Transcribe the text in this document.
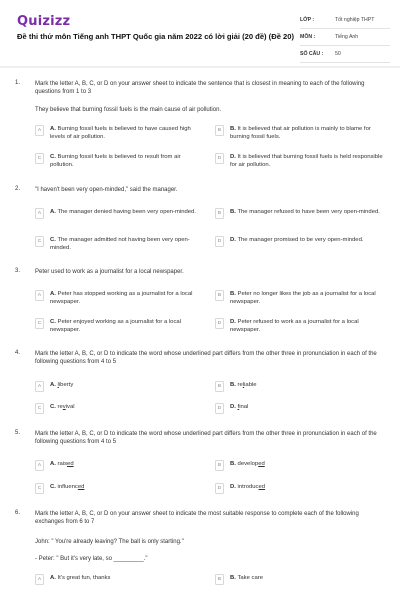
Quizizz
Đề thi thử môn Tiếng anh THPT Quốc gia năm 2022 có lời giải (20 đề) (Đề 20)
LỚP :	Tốt nghiệp THPT
MÔN :	Tiếng Anh
SỐ CÂU :	50
1. Mark the letter A, B, C, or D on your answer sheet to indicate the sentence that is closest in meaning to each of the following questions from 1 to 3
They believe that burning fossil fuels is the main cause of air pollution.
A	A. Burning fossil fuels is believed to have caused high levels of air pollution.
B	B. It is believed that air pollution is mainly to blame for burning fossil fuels.
C	C. Burning fossil fuels is believed to result from air pollution.
D	D. It is believed that burning fossil fuels is held responsible for air pollution.
2. "I haven't been very open-minded," said the manager.
A	A. The manager denied having been very open-minded.	B	B. The manager refused to have been very open-minded.
C	C. The manager admitted not having been very open-minded.
D	D. The manager promised to be very open-minded.
3. Peter used to work as a journalist for a local newspaper.
A	A. Peter has stopped working as a journalist for a local newspaper.
B	B. Peter no longer likes the job as a journalist for a local newspaper.
C	C. Peter enjoyed working as a journalist for a local newspaper.
D	D. Peter refused to work as a journalist for a local newspaper.
4. Mark the letter A, B, C, or D to indicate the word whose underlined part differs from the other three in pronunciation in each of the following questions from 4 to 5
A	A. liberty	B	B. reliable
C	C. revival	D	D. final
5. Mark the letter A, B, C, or D to indicate the word whose underlined part differs from the other three in pronunciation in each of the following questions from 4 to 5
A	A. raised	B	B. developed
C	C. influenced	D	D. introduced
6. Mark the letter A, B, C, or D on your answer sheet to indicate the most suitable response to complete each of the following exchanges from 6 to 7
John: " You're already leaving? The ball is only starting."
- Peter: " But it's very late, so _________."
A	A. It's great fun, thanks	B	B. Take care
